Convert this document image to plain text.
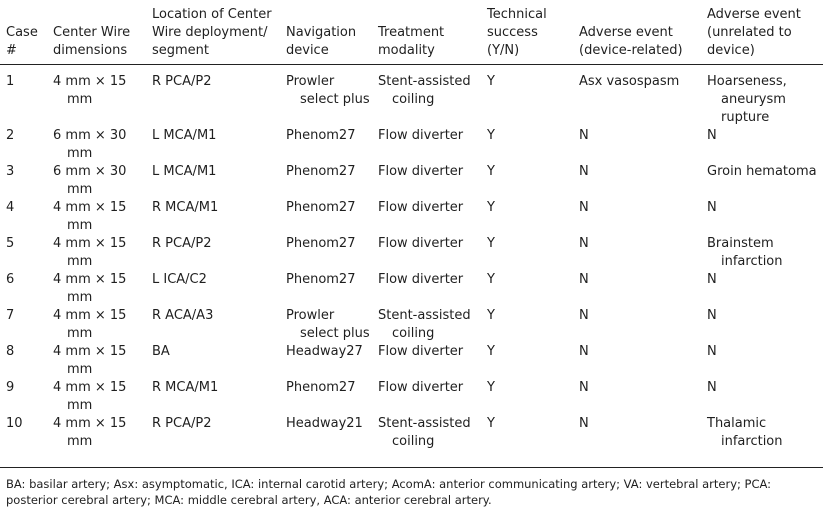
Case
#	Center Wire
dimensions	Location of Center
Wire deployment/
segment	Navigation
device	Treatment
modality	Technical
success (Y/N)	Adverse event
(device-related)	Adverse event
(unrelated to
device)
1	4 mm × 15
mm	R PCA/P2	Prowler
select plus	Stent-assisted
coiling	Y	Asx vasospasm	Hoarseness,
aneurysm
rupture
2	6 mm × 30
mm	L MCA/M1	Phenom27	Flow diverter	Y	N	N
3	6 mm × 30
mm	L MCA/M1	Phenom27	Flow diverter	Y	N	Groin hematoma
4	4 mm × 15
mm	R MCA/M1	Phenom27	Flow diverter	Y	N	N
5	4 mm × 15
mm	R PCA/P2	Phenom27	Flow diverter	Y	N	Brainstem
infarction
6	4 mm × 15
mm	L ICA/C2	Phenom27	Flow diverter	Y	N	N
7	4 mm × 15
mm	R ACA/A3	Prowler
select plus	Stent-assisted
coiling	Y	N	N
8	4 mm × 15
mm	BA	Headway27	Flow diverter	Y	N	N
9	4 mm × 15
mm	R MCA/M1	Phenom27	Flow diverter	Y	N	N
10	4 mm × 15
mm	R PCA/P2	Headway21	Stent-assisted
coiling	Y	N	Thalamic
infarction
BA: basilar artery; Asx: asymptomatic, ICA: internal carotid artery; AcomA: anterior communicating artery; VA: vertebral artery; PCA: posterior cerebral artery; MCA: middle cerebral artery, ACA: anterior cerebral artery.
